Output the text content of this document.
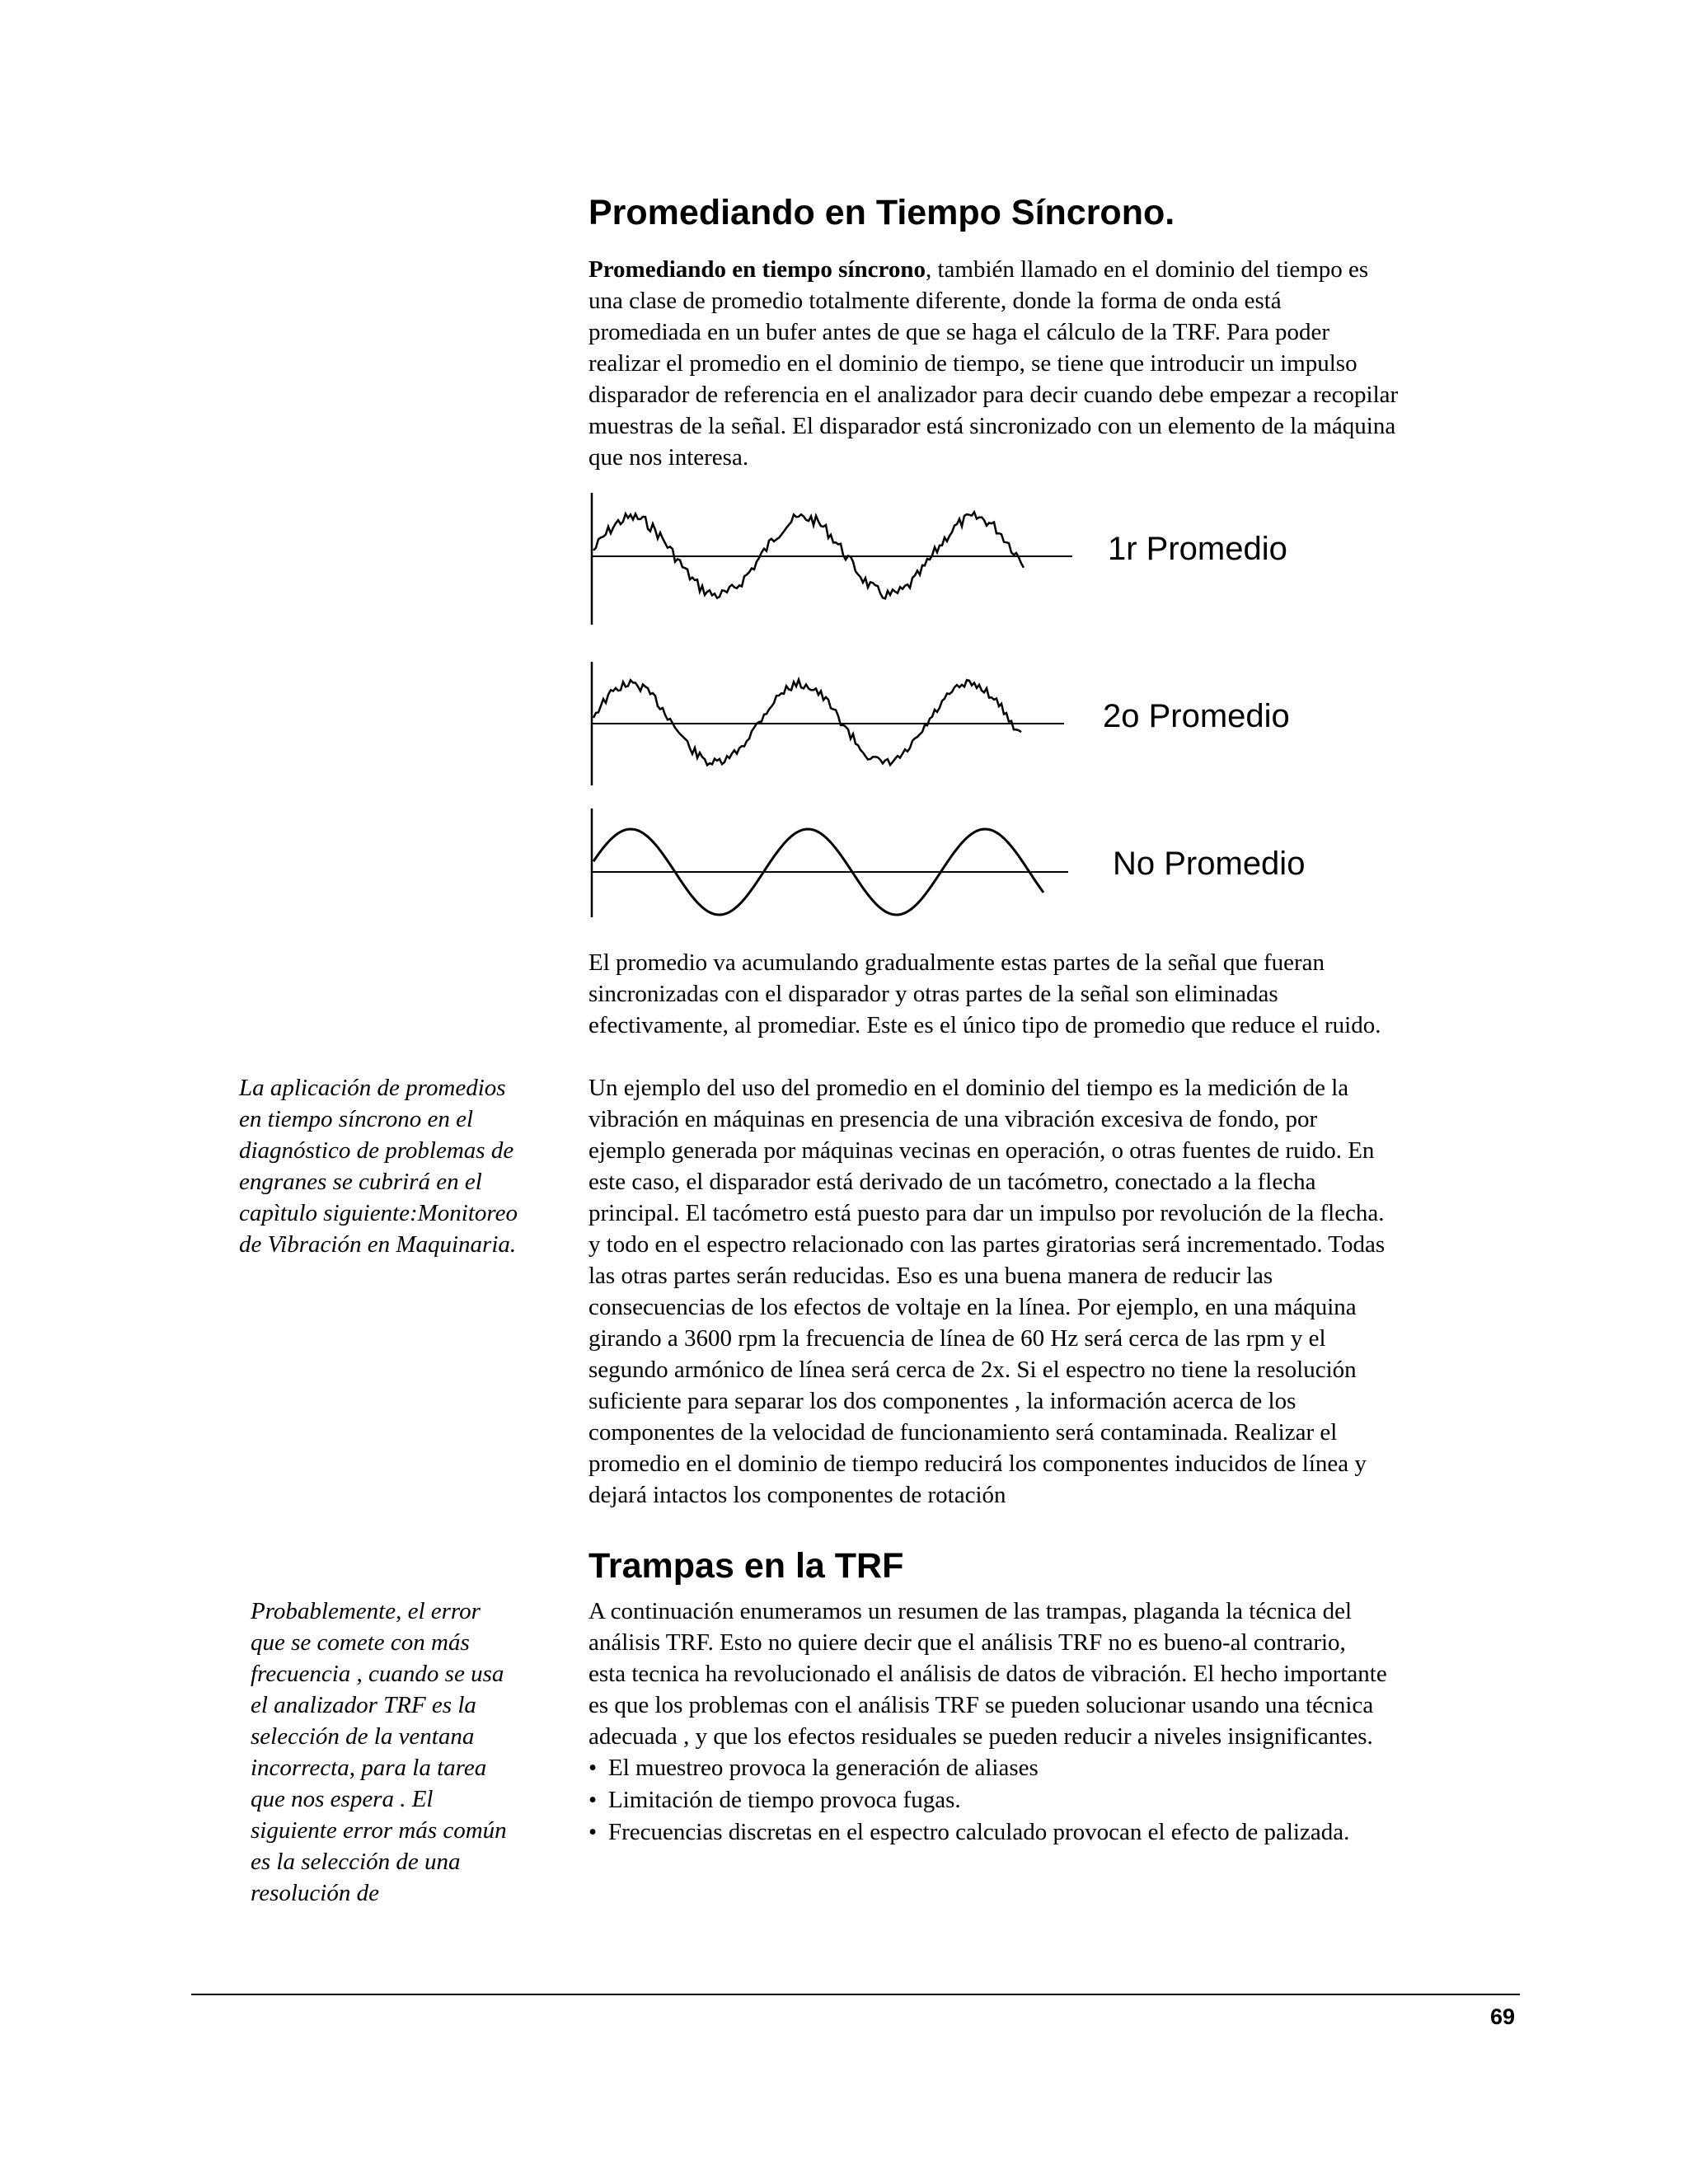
Promediando en Tiempo Síncrono.
Promediando en tiempo síncrono, también llamado en el dominio del tiempo es
una clase de promedio totalmente diferente, donde la forma de onda está
promediada en un bufer antes de que se haga el cálculo de la TRF. Para poder
realizar el promedio en el dominio de tiempo, se tiene que introducir un impulso
disparador de referencia en el analizador para decir cuando debe empezar a recopilar
muestras de la señal. El disparador está sincronizado con un elemento de la máquina
que nos interesa.
1r Promedio
2o Promedio
No Promedio
El promedio va acumulando gradualmente estas partes de la señal que fueran
sincronizadas con el disparador y otras partes de la señal son eliminadas
efectivamente, al promediar. Este es el único tipo de promedio que reduce el ruido.
Un ejemplo del uso del promedio en el dominio del tiempo es la medición de la
vibración en máquinas en presencia de una vibración excesiva de fondo, por
ejemplo generada por máquinas vecinas en operación, o otras fuentes de ruido. En
este caso, el disparador está derivado de un tacómetro, conectado a la flecha
principal. El tacómetro está puesto para dar un impulso por revolución de la flecha.
y todo en el espectro relacionado con las partes giratorias será incrementado. Todas
las otras partes serán reducidas. Eso es una buena manera de reducir las
consecuencias de los efectos de voltaje en la línea. Por ejemplo, en una máquina
girando a 3600 rpm la frecuencia de línea de 60 Hz será cerca de las rpm y el
segundo armónico de línea será cerca de 2x. Si el espectro no tiene la resolución
suficiente para separar los dos componentes , la información acerca de los
componentes de la velocidad de funcionamiento será contaminada. Realizar el
promedio en el dominio de tiempo reducirá los componentes inducidos de línea y
dejará intactos los componentes de rotación
La aplicación de promedios
en tiempo síncrono en el
diagnóstico de problemas de
engranes se cubrirá en el
capìtulo siguiente:Monitoreo
de Vibración en Maquinaria.
Trampas en la TRF
A continuación enumeramos un resumen de las trampas, plaganda la técnica del
análisis TRF. Esto no quiere decir que el análisis TRF no es bueno-al contrario,
esta tecnica ha revolucionado el análisis de datos de vibración. El hecho importante
es que los problemas con el análisis TRF se pueden solucionar usando una técnica
adecuada , y que los efectos residuales se pueden reducir a niveles insignificantes.
• El muestreo provoca la generación de aliases
• Limitación de tiempo provoca fugas.
• Frecuencias discretas en el espectro calculado provocan el efecto de palizada.
Probablemente, el error
que se comete con más
frecuencia , cuando se usa
el analizador TRF es la
selección de la ventana
incorrecta, para la tarea
que nos espera . El
siguiente error más común
es la selección de una
resolución de
69
